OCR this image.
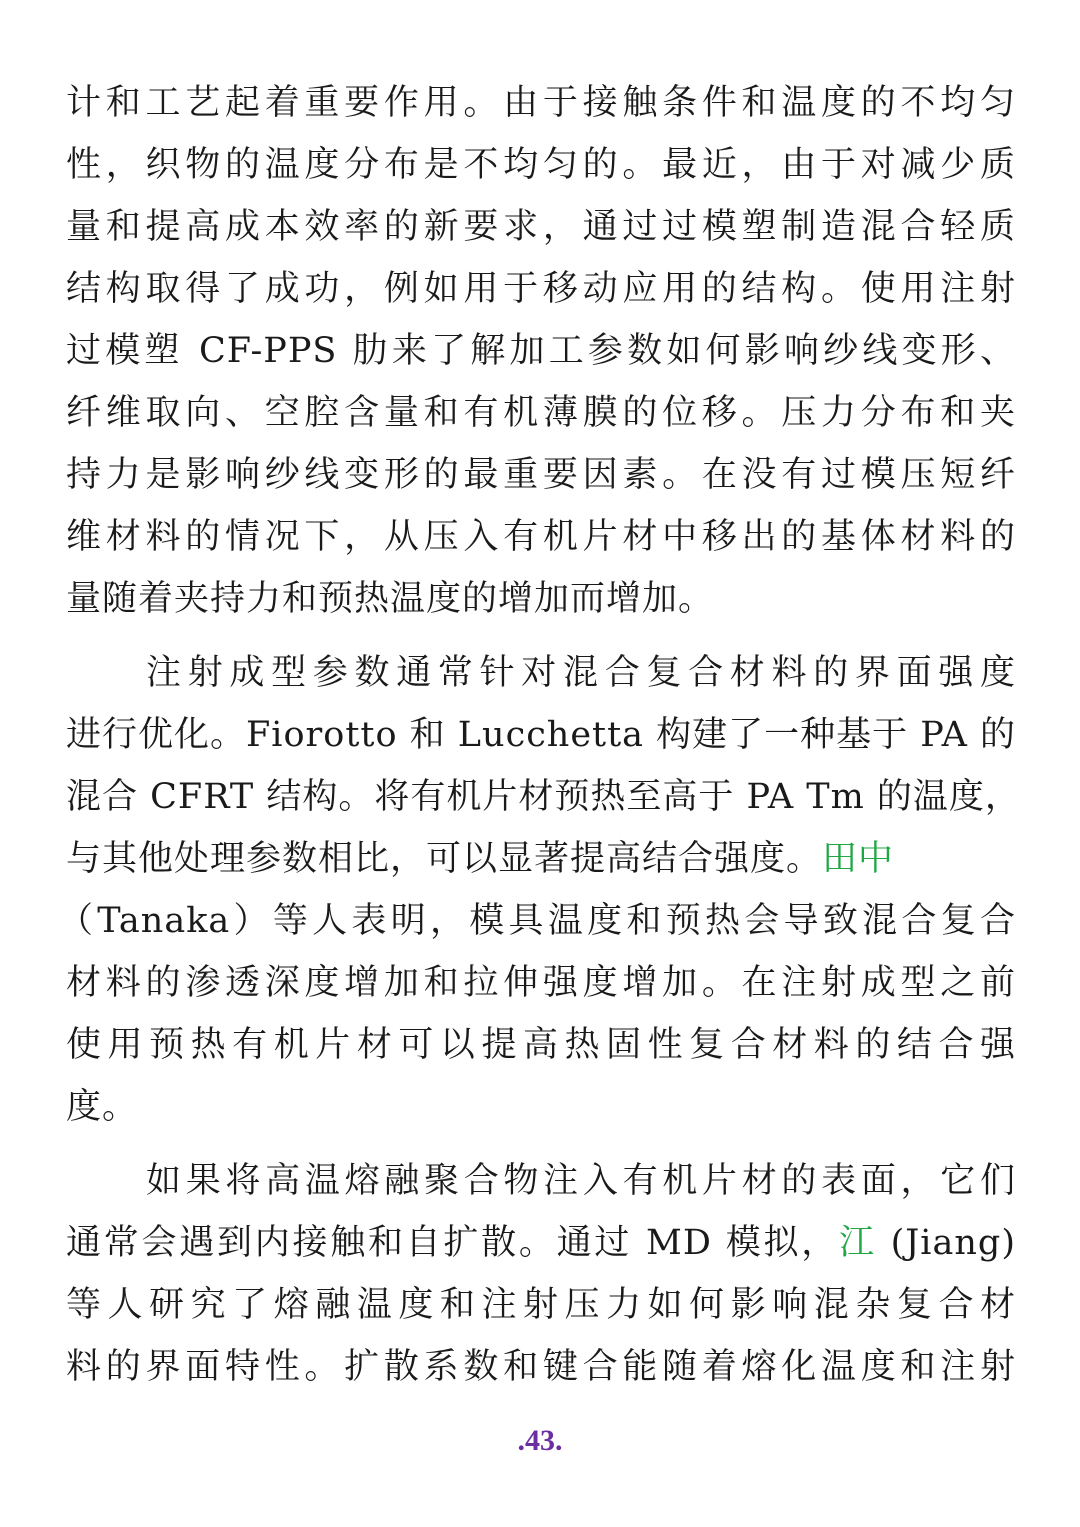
计和工艺起着重要作用。由于接触条件和温度的不均匀
性，织物的温度分布是不均匀的。最近，由于对减少质
量和提高成本效率的新要求，通过过模塑制造混合轻质
结构取得了成功，例如用于移动应用的结构。使用注射
过模塑 CF-PPS 肋来了解加工参数如何影响纱线变形、
纤维取向、空腔含量和有机薄膜的位移。压力分布和夹
持力是影响纱线变形的最重要因素。在没有过模压短纤
维材料的情况下，从压入有机片材中移出的基体材料的
量随着夹持力和预热温度的增加而增加。
注射成型参数通常针对混合复合材料的界面强度
进行优化。Fiorotto 和 Lucchetta 构建了一种基于 PA 的
混合 CFRT 结构。将有机片材预热至高于 PA Tm 的温度，
与其他处理参数相比，可以显著提高结合强度。田中
（Tanaka）等人表明，模具温度和预热会导致混合复合
材料的渗透深度增加和拉伸强度增加。在注射成型之前
使用预热有机片材可以提高热固性复合材料的结合强
度。
如果将高温熔融聚合物注入有机片材的表面，它们
通常会遇到内接触和自扩散。通过 MD 模拟，江 (Jiang)
等人研究了熔融温度和注射压力如何影响混杂复合材
料的界面特性。扩散系数和键合能随着熔化温度和注射
.43.
